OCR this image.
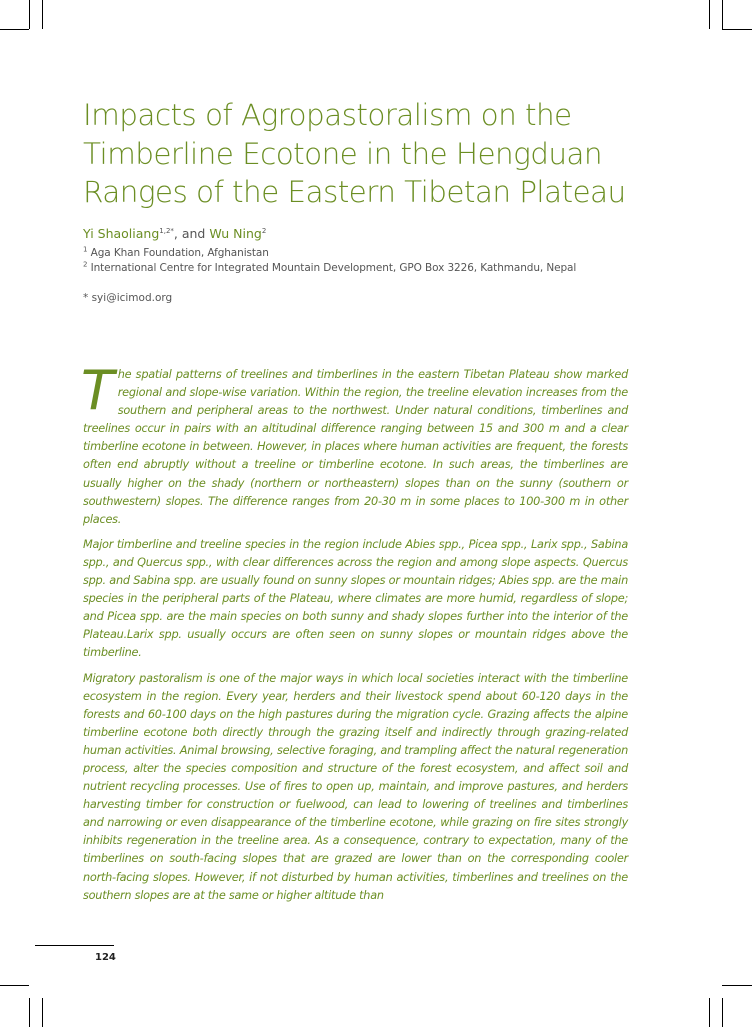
Impacts of Agropastoralism on the
Timberline Ecotone in the Hengduan
Ranges of the Eastern Tibetan Plateau
Yi Shaoliang$^{1,2*}$, and Wu Ning$^2$
$^1$ Aga Khan Foundation, Afghanistan
$^2$ International Centre for Integrated Mountain Development, GPO Box 3226, Kathmandu, Nepal
* syi@icimod.org

The spatial patterns of treelines and timberlines in the eastern Tibetan Plateau show marked regional and slope-wise variation. Within the region, the treeline elevation increases from the southern and peripheral areas to the northwest. Under natural conditions, timberlines and treelines occur in pairs with an altitudinal difference ranging between 15 and 300 m and a clear timberline ecotone in between. However, in places where human activities are frequent, the forests often end abruptly without a treeline or timberline ecotone. In such areas, the timberlines are usually higher on the shady (northern or northeastern) slopes than on the sunny (southern or southwestern) slopes. The difference ranges from 20-30 m in some places to 100-300 m in other places.

Major timberline and treeline species in the region include Abies spp., Picea spp., Larix spp., Sabina spp., and Quercus spp., with clear differences across the region and among slope aspects. Quercus spp. and Sabina spp. are usually found on sunny slopes or mountain ridges; Abies spp. are the main species in the peripheral parts of the Plateau, where climates are more humid, regardless of slope; and Picea spp. are the main species on both sunny and shady slopes further into the interior of the Plateau.Larix spp. usually occurs are often seen on sunny slopes or mountain ridges above the timberline.

Migratory pastoralism is one of the major ways in which local societies interact with the timberline ecosystem in the region. Every year, herders and their livestock spend about 60-120 days in the forests and 60-100 days on the high pastures during the migration cycle. Grazing affects the alpine timberline ecotone both directly through the grazing itself and indirectly through grazing-related human activities. Animal browsing, selective foraging, and trampling affect the natural regeneration process, alter the species composition and structure of the forest ecosystem, and affect soil and nutrient recycling processes. Use of fires to open up, maintain, and improve pastures, and herders harvesting timber for construction or fuelwood, can lead to lowering of treelines and timberlines and narrowing or even disappearance of the timberline ecotone, while grazing on fire sites strongly inhibits regeneration in the treeline area. As a consequence, contrary to expectation, many of the timberlines on south-facing slopes that are grazed are lower than on the corresponding cooler north-facing slopes. However, if not disturbed by human activities, timberlines and treelines on the southern slopes are at the same or higher altitude than

124
